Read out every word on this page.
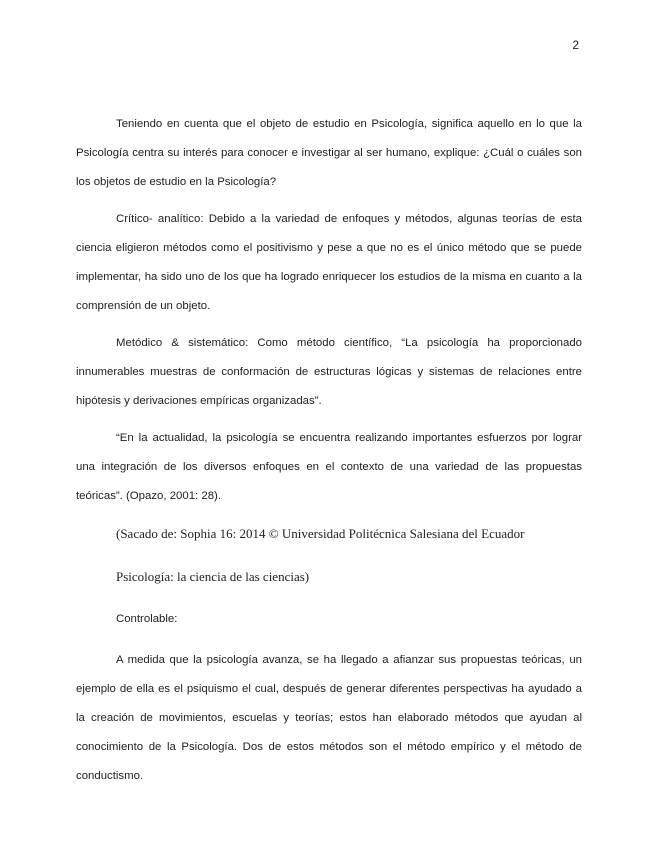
2

Teniendo en cuenta que el objeto de estudio en Psicología, significa aquello en lo que la Psicología centra su interés para conocer e investigar al ser humano, explique: ¿Cuál o cuáles son los objetos de estudio en la Psicología?

Crítico- analítico: Debido a la variedad de enfoques y métodos, algunas teorías de esta ciencia eligieron métodos como el positivismo y pese a que no es el único método que se puede implementar, ha sido uno de los que ha logrado enriquecer los estudios de la misma en cuanto a la comprensión de un objeto.

Metódico & sistemático: Como método científico, “La psicología ha proporcionado innumerables muestras de conformación de estructuras lógicas y sistemas de relaciones entre hipótesis y derivaciones empíricas organizadas”.

“En la actualidad, la psicología se encuentra realizando importantes esfuerzos por lograr una integración de los diversos enfoques en el contexto de una variedad de las propuestas teóricas”. (Opazo, 2001: 28).

(Sacado de: Sophia 16: 2014 © Universidad Politécnica Salesiana del Ecuador

Psicología: la ciencia de las ciencias)

Controlable:

A medida que la psicología avanza, se ha llegado a afianzar sus propuestas teóricas, un ejemplo de ella es el psiquismo el cual, después de generar diferentes perspectivas ha ayudado a la creación de movimientos, escuelas y teorías; estos han elaborado métodos que ayudan al conocimiento de la Psicología. Dos de estos métodos son el método empírico y el método de conductismo.
